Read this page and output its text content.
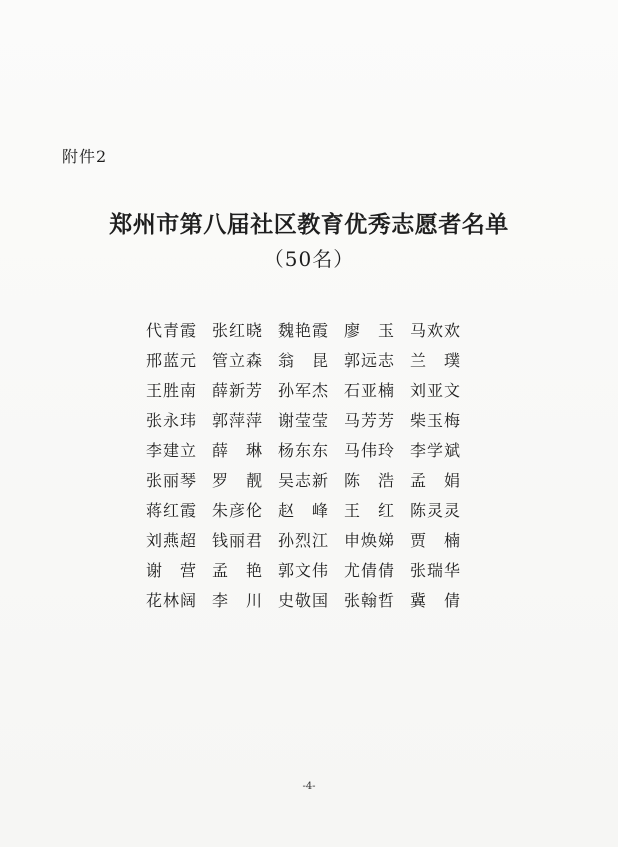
附件2
郑州市第八届社区教育优秀志愿者名单
（50名）
代青霞 张红晓 魏艳霞 廖　玉 马欢欢
邢蓝元 管立森 翁　昆 郭远志 兰　璞
王胜南 薛新芳 孙军杰 石亚楠 刘亚文
张永玮 郭萍萍 谢莹莹 马芳芳 柴玉梅
李建立 薛　琳 杨东东 马伟玲 李学斌
张丽琴 罗　靓 吴志新 陈　浩 孟　娟
蒋红霞 朱彦伦 赵　峰 王　红 陈灵灵
刘燕超 钱丽君 孙烈江 申焕娣 贾　楠
谢　营 孟　艳 郭文伟 尤倩倩 张瑞华
花林阔 李　川 史敬国 张翰哲 冀　倩
-4-
